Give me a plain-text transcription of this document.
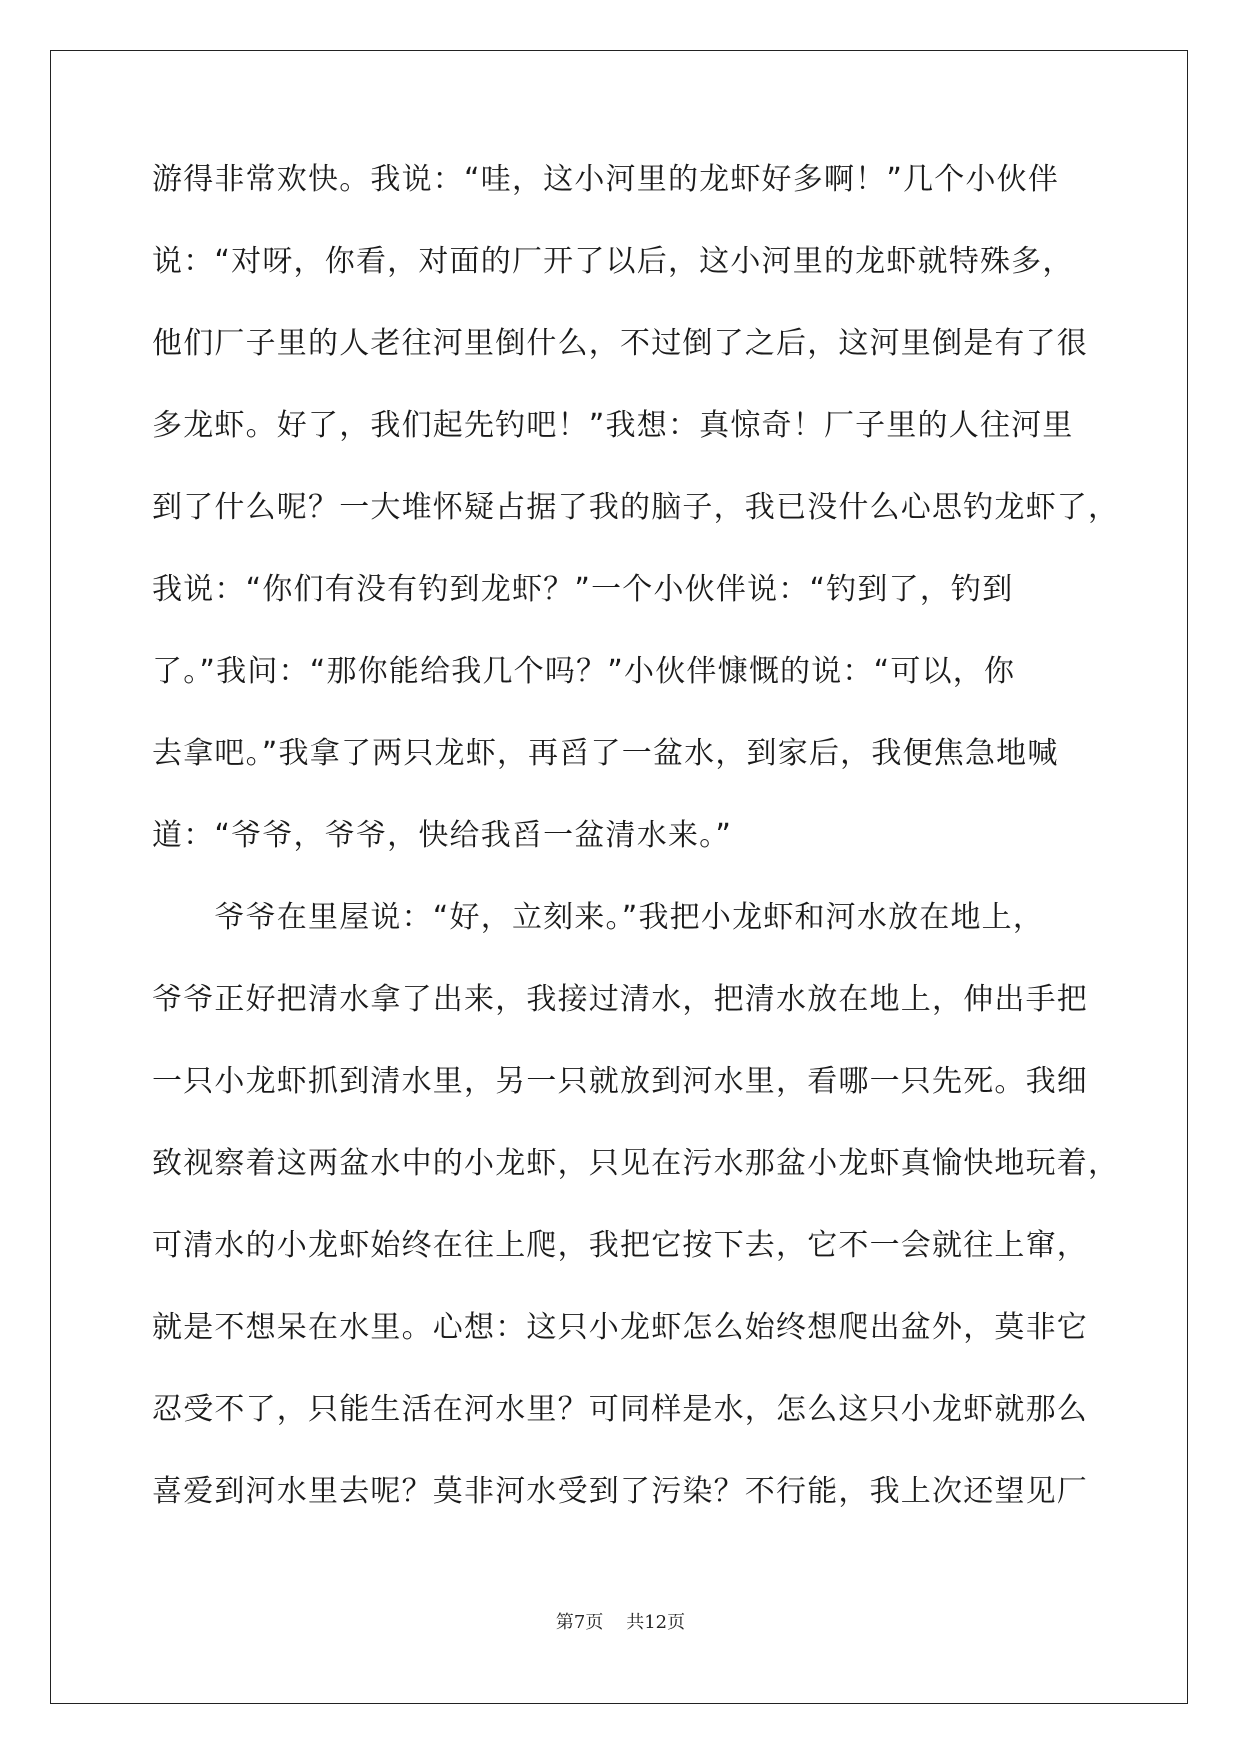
游得非常欢快。我说：“哇，这小河里的龙虾好多啊！”几个小伙伴
说：“对呀，你看，对面的厂开了以后，这小河里的龙虾就特殊多，
他们厂子里的人老往河里倒什么，不过倒了之后，这河里倒是有了很
多龙虾。好了，我们起先钓吧！”我想：真惊奇！厂子里的人往河里
到了什么呢？一大堆怀疑占据了我的脑子，我已没什么心思钓龙虾了，
我说：“你们有没有钓到龙虾？”一个小伙伴说：“钓到了，钓到
了。”我问：“那你能给我几个吗？”小伙伴慷慨的说：“可以，你
去拿吧。”我拿了两只龙虾，再舀了一盆水，到家后，我便焦急地喊
道：“爷爷，爷爷，快给我舀一盆清水来。”
　　爷爷在里屋说：“好，立刻来。”我把小龙虾和河水放在地上，
爷爷正好把清水拿了出来，我接过清水，把清水放在地上，伸出手把
一只小龙虾抓到清水里，另一只就放到河水里，看哪一只先死。我细
致视察着这两盆水中的小龙虾，只见在污水那盆小龙虾真愉快地玩着，
可清水的小龙虾始终在往上爬，我把它按下去，它不一会就往上窜，
就是不想呆在水里。心想：这只小龙虾怎么始终想爬出盆外，莫非它
忍受不了，只能生活在河水里？可同样是水，怎么这只小龙虾就那么
喜爱到河水里去呢？莫非河水受到了污染？不行能，我上次还望见厂
第7页 共12页
